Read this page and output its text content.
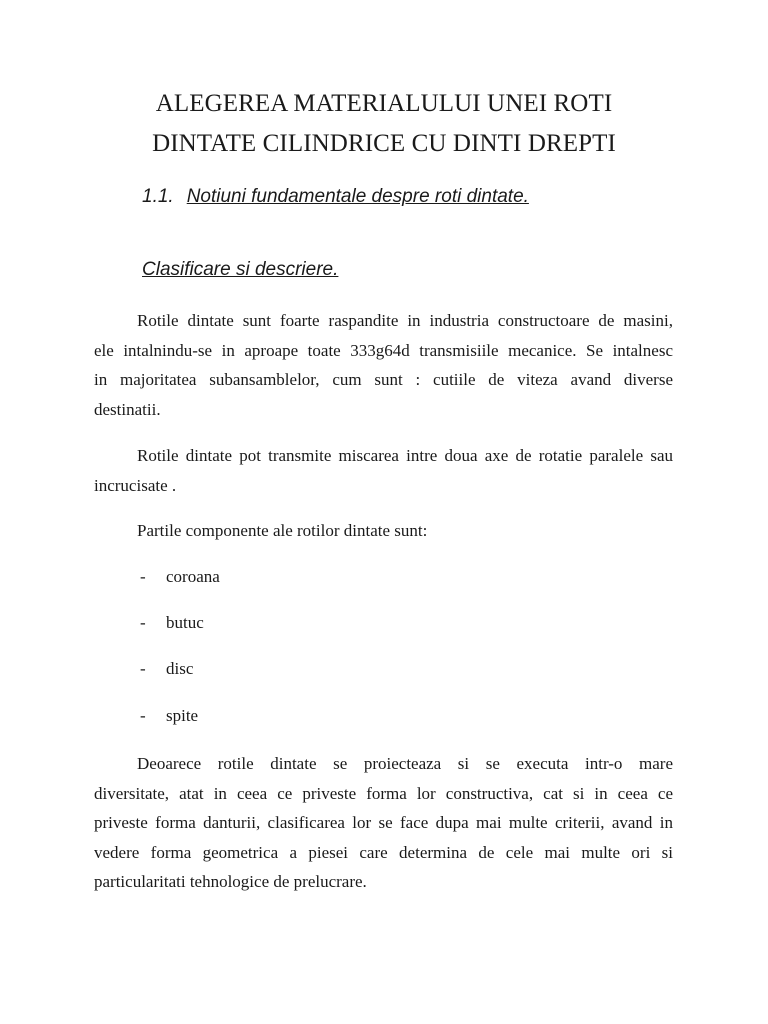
ALEGEREA MATERIALULUI UNEI ROTI
DINTATE CILINDRICE CU DINTI DREPTI
1.1. Notiuni fundamentale despre roti dintate.
Clasificare si descriere.
Rotile dintate sunt foarte raspandite in industria constructoare de masini,
ele intalnindu-se in aproape toate 333g64d transmisiile mecanice. Se intalnesc
in majoritatea subansamblelor, cum sunt : cutiile de viteza avand diverse
destinatii.
Rotile dintate pot transmite miscarea intre doua axe de rotatie paralele sau
incrucisate .
Partile componente ale rotilor dintate sunt:
- coroana
- butuc
- disc
- spite
Deoarece rotile dintate se proiecteaza si se executa intr-o mare
diversitate, atat in ceea ce priveste forma lor constructiva, cat si in ceea ce
priveste forma danturii, clasificarea lor se face dupa mai multe criterii, avand in
vedere forma geometrica a piesei care determina de cele mai multe ori si
particularitati tehnologice de prelucrare.
